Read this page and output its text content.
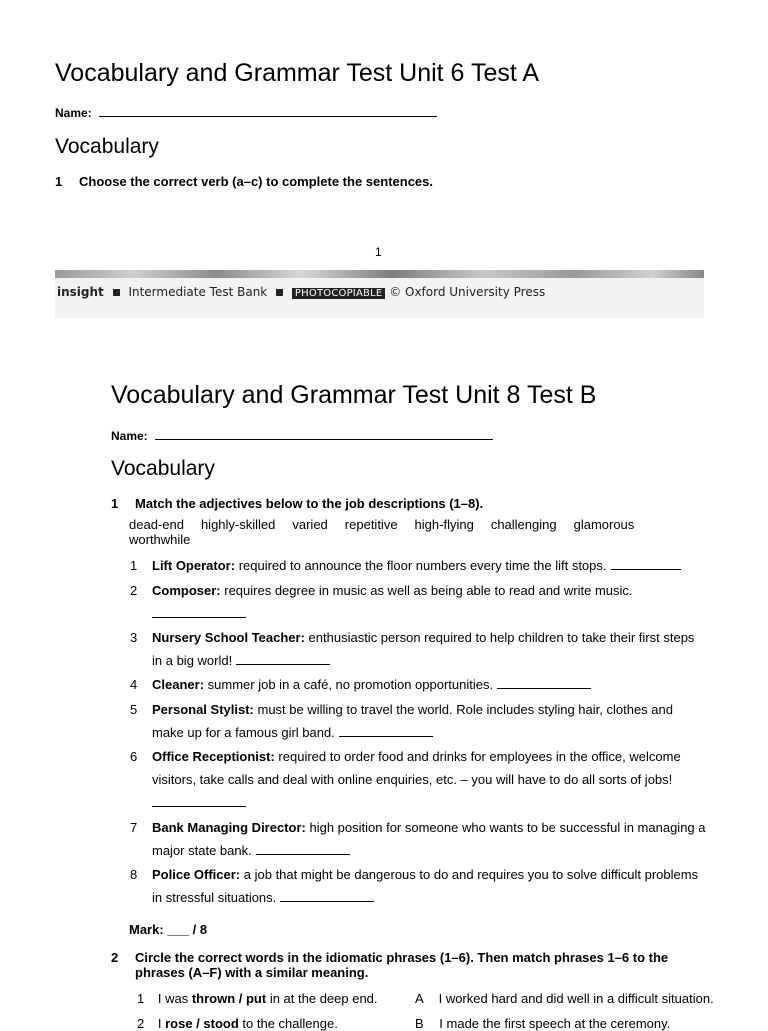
Vocabulary and Grammar Test Unit 6 Test A
Name:
Vocabulary
1 Choose the correct verb (a–c) to complete the sentences.
1
insight Intermediate Test Bank	PHOTOCOPIABLE © Oxford University Press
Vocabulary and Grammar Test Unit 8 Test B
Name:
Vocabulary
1 Match the adjectives below to the job descriptions (1–8).
dead-end highly-skilled varied repetitive high-flying challenging glamorous
worthwhile
1 Lift Operator: required to announce the floor numbers every time the lift stops.
2 Composer: requires degree in music as well as being able to read and write music.
3 Nursery School Teacher: enthusiastic person required to help children to take their first steps
in a big world!
4 Cleaner: summer job in a café, no promotion opportunities.
5 Personal Stylist: must be willing to travel the world. Role includes styling hair, clothes and
make up for a famous girl band.
6 Office Receptionist: required to order food and drinks for employees in the office, welcome
visitors, take calls and deal with online enquiries, etc. – you will have to do all sorts of jobs!
7 Bank Managing Director: high position for someone who wants to be successful in managing a
major state bank.
8 Police Officer: a job that might be dangerous to do and requires you to solve difficult problems
in stressful situations.
Mark: ___ / 8
2 Circle the correct words in the idiomatic phrases (1–6). Then match phrases 1–6 to the
phrases (A–F) with a similar meaning.
1 I was thrown / put in at the deep end.	A I worked hard and did well in a difficult situation.
2 I rose / stood to the challenge.	B I made the first speech at the ceremony.
